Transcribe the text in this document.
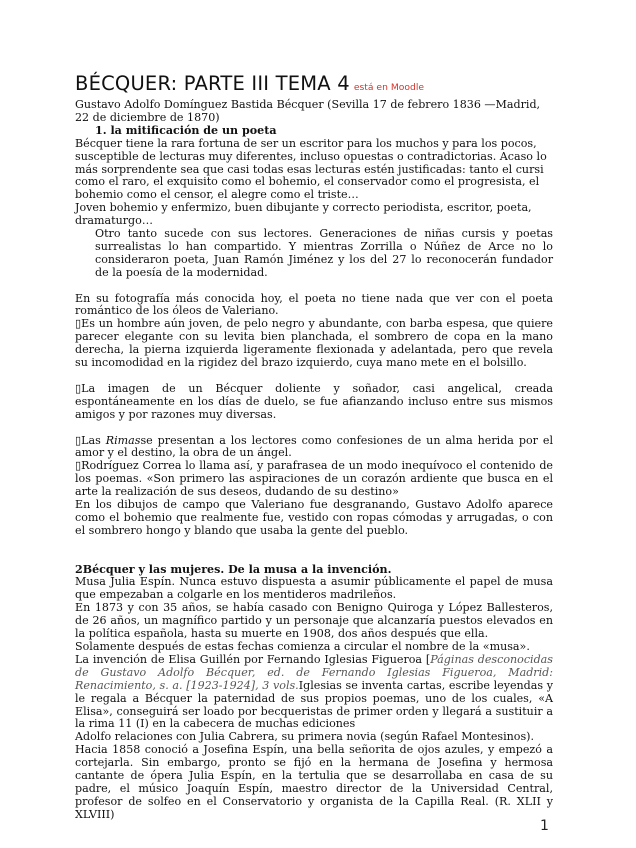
BÉCQUER: PARTE III TEMA 4 está en Moodle

Gustavo Adolfo Domínguez Bastida Bécquer (Sevilla 17 de febrero 1836 —Madrid, 22 de diciembre de 1870)

1. la mitificación de un poeta

Bécquer tiene la rara fortuna de ser un escritor para los muchos y para los pocos, susceptible de lecturas muy diferentes, incluso opuestas o contradictorias. Acaso lo más sorprendente sea que casi todas esas lecturas estén justificadas: tanto el cursi como el raro, el exquisito como el bohemio, el conservador como el progresista, el bohemio como el censor, el alegre como el triste…

Joven bohemio y enfermizo, buen dibujante y correcto periodista, escritor, poeta, dramaturgo…

Otro tanto sucede con sus lectores. Generaciones de niñas cursis y poetas surrealistas lo han compartido. Y mientras Zorrilla o Núñez de Arce no lo consideraron poeta, Juan Ramón Jiménez y los del 27 lo reconocerán fundador de la poesía de la modernidad.

En su fotografía más conocida hoy, el poeta no tiene nada que ver con el poeta romántico de los óleos de Valeriano.

▯Es un hombre aún joven, de pelo negro y abundante, con barba espesa, que quiere parecer elegante con su levita bien planchada, el sombrero de copa en la mano derecha, la pierna izquierda ligeramente flexionada y adelantada, pero que revela su incomodidad en la rigidez del brazo izquierdo, cuya mano mete en el bolsillo.

▯La imagen de un Bécquer doliente y soñador, casi angelical, creada espontáneamente en los días de duelo, se fue afianzando incluso entre sus mismos amigos y por razones muy diversas.

▯Las Rimasse presentan a los lectores como confesiones de un alma herida por el amor y el destino, la obra de un ángel.

▯Rodríguez Correa lo llama así, y parafrasea de un modo inequívoco el contenido de los poemas. «Son primero las aspiraciones de un corazón ardiente que busca en el arte la realización de sus deseos, dudando de su destino»

En los dibujos de campo que Valeriano fue desgranando, Gustavo Adolfo aparece como el bohemio que realmente fue, vestido con ropas cómodas y arrugadas, o con el sombrero hongo y blando que usaba la gente del pueblo.

2Bécquer y las mujeres. De la musa a la invención.

Musa Julia Espín. Nunca estuvo dispuesta a asumir públicamente el papel de musa que empezaban a colgarle en los mentideros madrileños.

En 1873 y con 35 años, se había casado con Benigno Quiroga y López Ballesteros, de 26 años, un magnífico partido y un personaje que alcanzaría puestos elevados en la política española, hasta su muerte en 1908, dos años después que ella.

Solamente después de estas fechas comienza a circular el nombre de la «musa».

La invención de Elisa Guillén por Fernando Iglesias Figueroa [Páginas desconocidas de Gustavo Adolfo Bécquer, ed. de Fernando Iglesias Figueroa, Madrid: Renacimiento, s. a. [1923-1924], 3 vols.Iglesias se inventa cartas, escribe leyendas y le regala a Bécquer la paternidad de sus propios poemas, uno de los cuales, «A Elisa», conseguirá ser loado por becqueristas de primer orden y llegará a sustituir a la rima 11 (I) en la cabecera de muchas ediciones

Adolfo relaciones con Julia Cabrera, su primera novia (según Rafael Montesinos).

Hacia 1858 conoció a Josefina Espín, una bella señorita de ojos azules, y empezó a cortejarla. Sin embargo, pronto se fijó en la hermana de Josefina y hermosa cantante de ópera Julia Espín, en la tertulia que se desarrollaba en casa de su padre, el músico Joaquín Espín, maestro director de la Universidad Central, profesor de solfeo en el Conservatorio y organista de la Capilla Real. (R. XLII y XLVIII)

1
